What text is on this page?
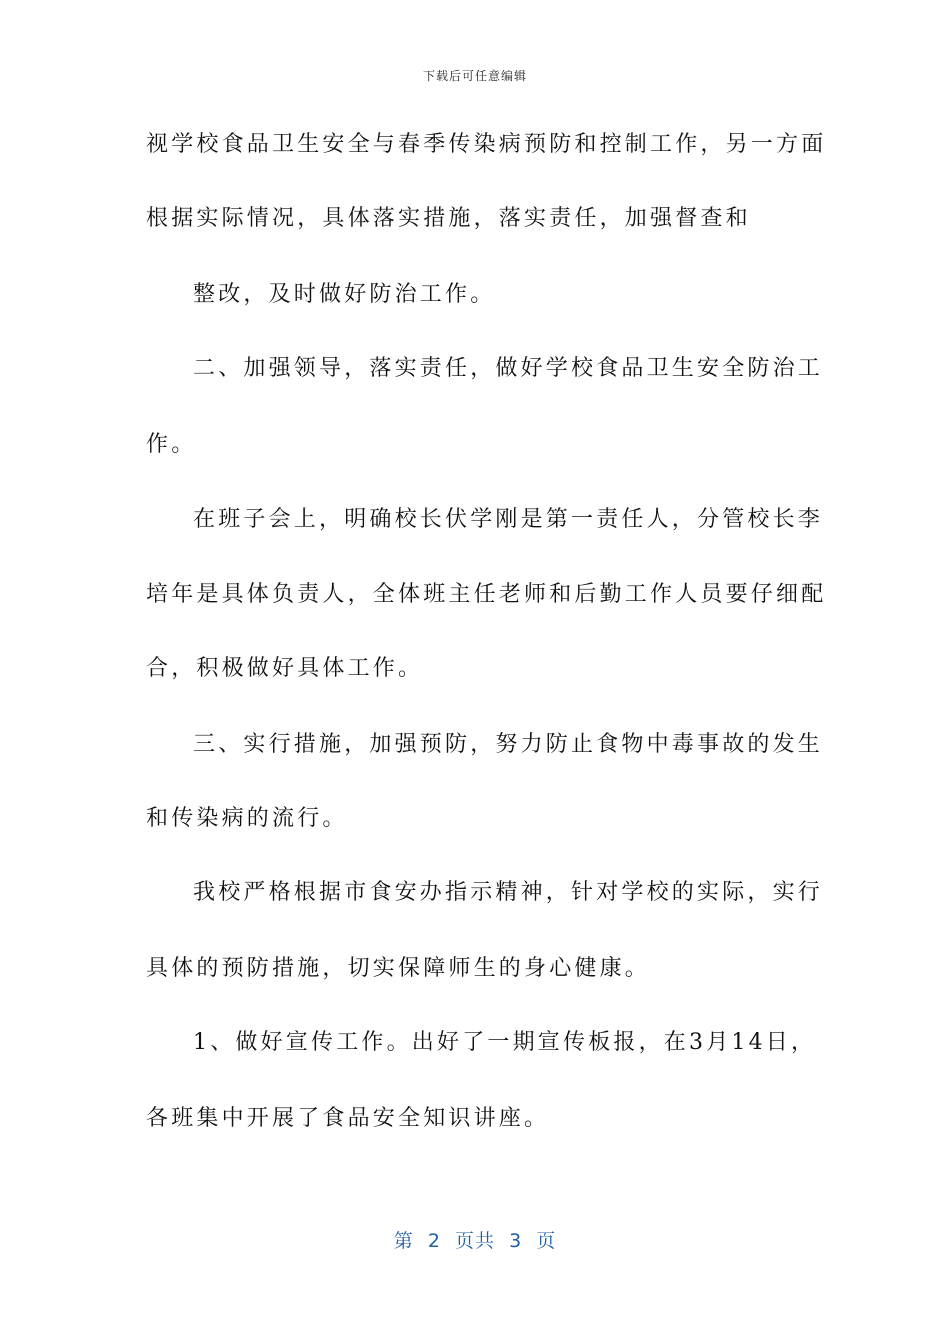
下载后可任意编辑
视学校食品卫生安全与春季传染病预防和控制工作，另一方面
根据实际情况，具体落实措施，落实责任，加强督查和
整改，及时做好防治工作。
二、加强领导，落实责任，做好学校食品卫生安全防治工
作。
在班子会上，明确校长伏学刚是第一责任人，分管校长李
培年是具体负责人，全体班主任老师和后勤工作人员要仔细配
合，积极做好具体工作。
三、实行措施，加强预防，努力防止食物中毒事故的发生
和传染病的流行。
我校严格根据市食安办指示精神，针对学校的实际，实行
具体的预防措施，切实保障师生的身心健康。
1、做好宣传工作。出好了一期宣传板报，在3月14日，
各班集中开展了食品安全知识讲座。
第  2  页共  3  页
